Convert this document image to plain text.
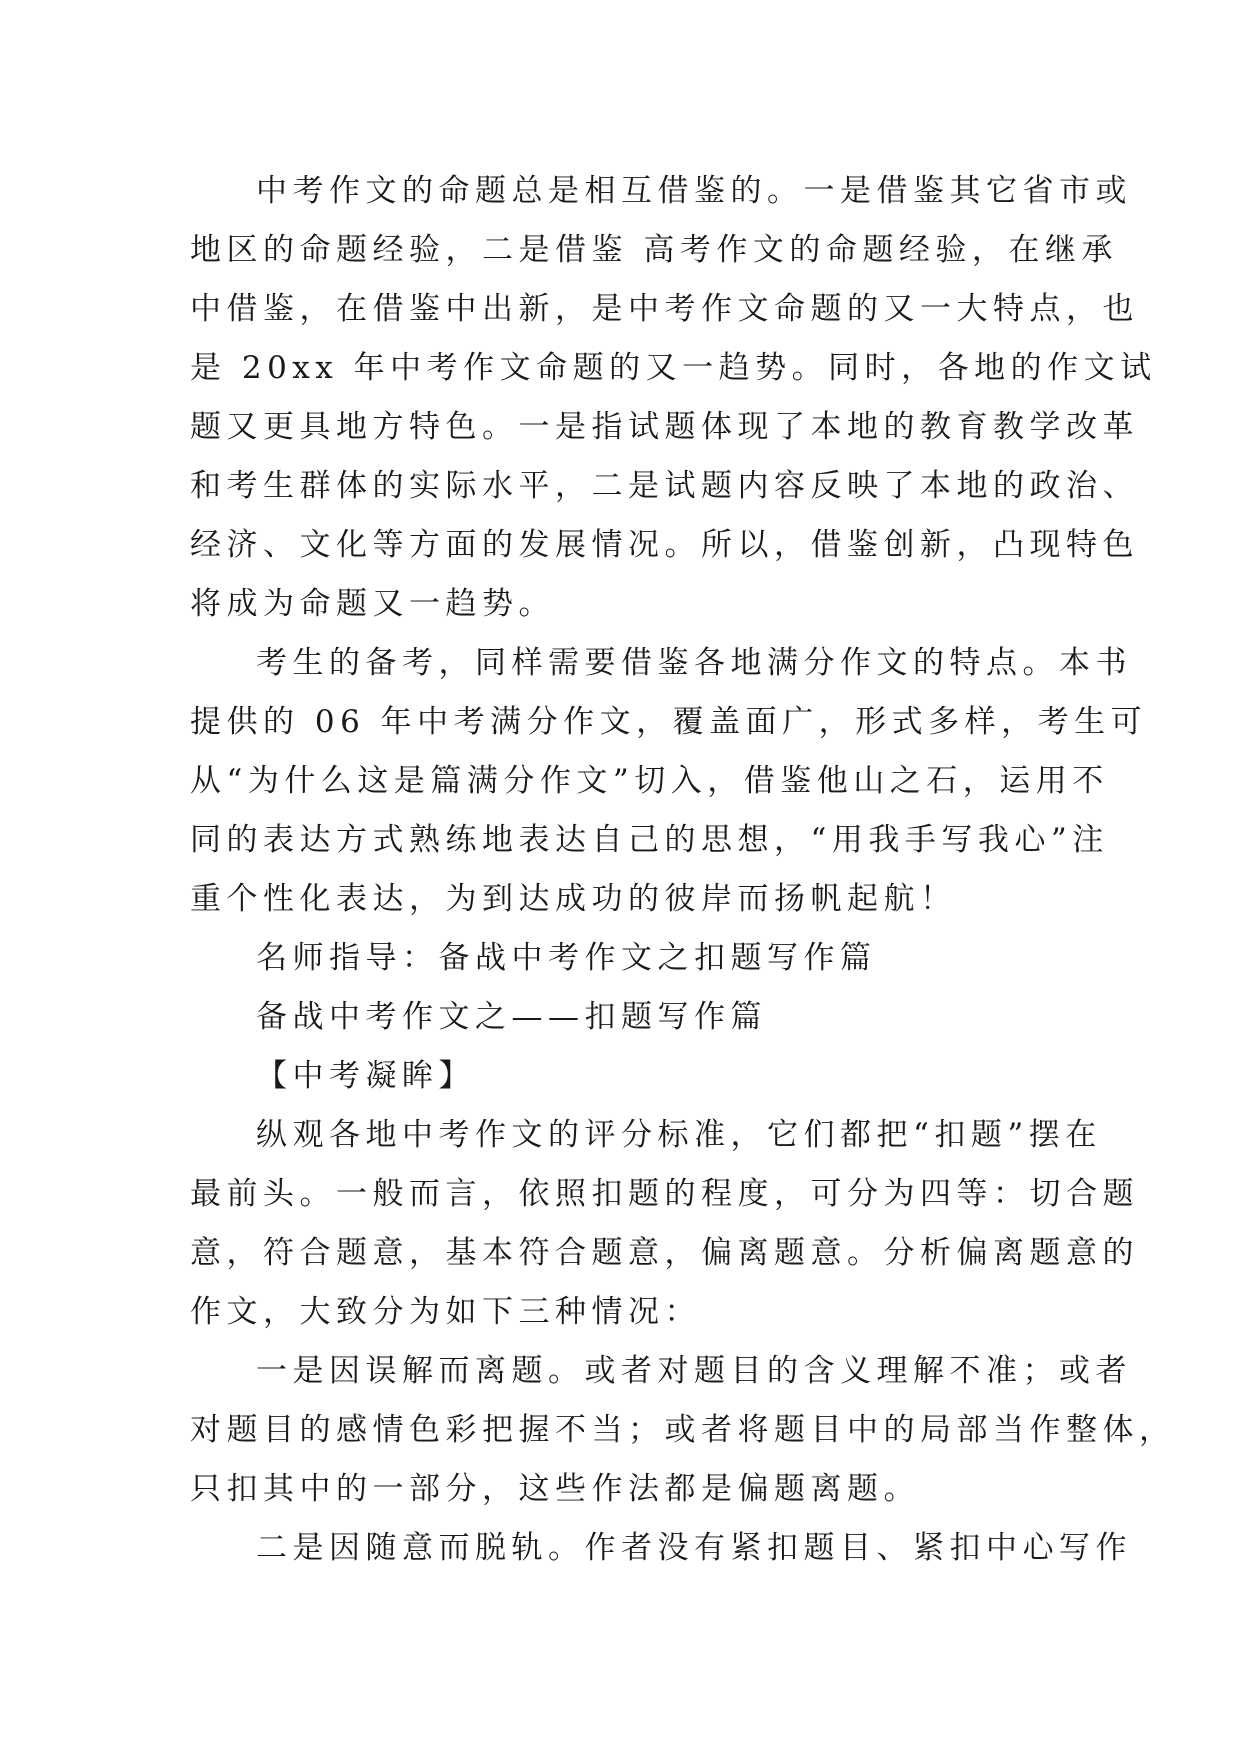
中考作文的命题总是相互借鉴的。一是借鉴其它省市或
地区的命题经验，二是借鉴 高考作文的命题经验，在继承
中借鉴，在借鉴中出新，是中考作文命题的又一大特点，也
是 20xx 年中考作文命题的又一趋势。同时，各地的作文试
题又更具地方特色。一是指试题体现了本地的教育教学改革
和考生群体的实际水平，二是试题内容反映了本地的政治、
经济、文化等方面的发展情况。所以，借鉴创新，凸现特色
将成为命题又一趋势。
考生的备考，同样需要借鉴各地满分作文的特点。本书
提供的 06 年中考满分作文，覆盖面广，形式多样，考生可
从“为什么这是篇满分作文”切入，借鉴他山之石，运用不
同的表达方式熟练地表达自己的思想，“用我手写我心”注
重个性化表达，为到达成功的彼岸而扬帆起航！
名师指导：备战中考作文之扣题写作篇
备战中考作文之——扣题写作篇
【中考凝眸】
纵观各地中考作文的评分标准，它们都把“扣题”摆在
最前头。一般而言，依照扣题的程度，可分为四等：切合题
意，符合题意，基本符合题意，偏离题意。分析偏离题意的
作文，大致分为如下三种情况：
一是因误解而离题。或者对题目的含义理解不准；或者
对题目的感情色彩把握不当；或者将题目中的局部当作整体，
只扣其中的一部分，这些作法都是偏题离题。
二是因随意而脱轨。作者没有紧扣题目、紧扣中心写作
